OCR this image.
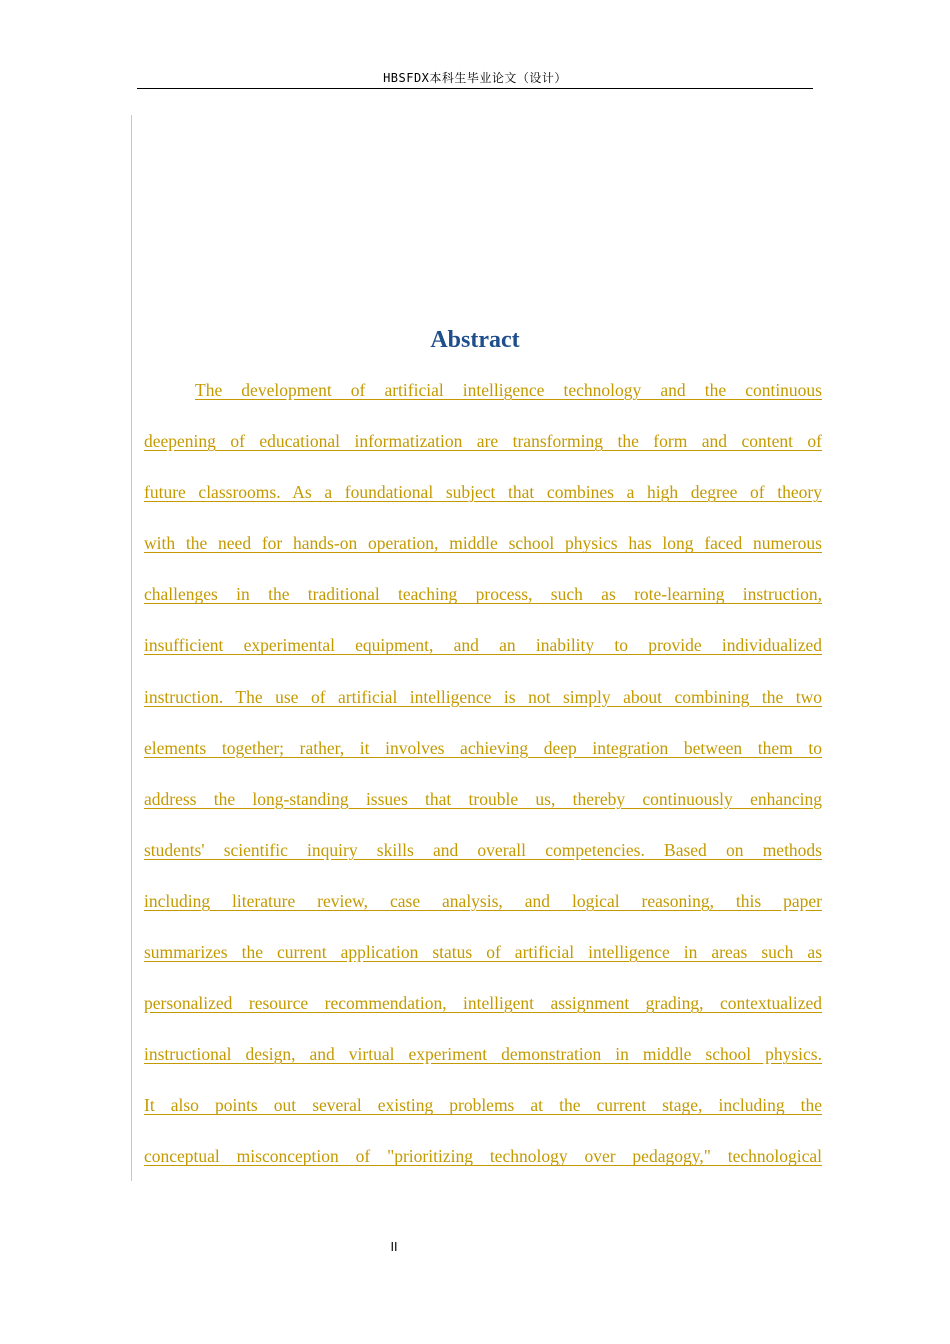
HBSFDX本科生毕业论文（设计）
Abstract
The development of artificial intelligence technology and the continuous
deepening of educational informatization are transforming the form and content of
future classrooms. As a foundational subject that combines a high degree of theory
with the need for hands-on operation, middle school physics has long faced numerous
challenges in the traditional teaching process, such as rote-learning instruction,
insufficient experimental equipment, and an inability to provide individualized
instruction. The use of artificial intelligence is not simply about combining the two
elements together; rather, it involves achieving deep integration between them to
address the long-standing issues that trouble us, thereby continuously enhancing
students' scientific inquiry skills and overall competencies. Based on methods
including literature review, case analysis, and logical reasoning, this paper
summarizes the current application status of artificial intelligence in areas such as
personalized resource recommendation, intelligent assignment grading, contextualized
instructional design, and virtual experiment demonstration in middle school physics.
It also points out several existing problems at the current stage, including the
conceptual misconception of "prioritizing technology over pedagogy," technological
II
